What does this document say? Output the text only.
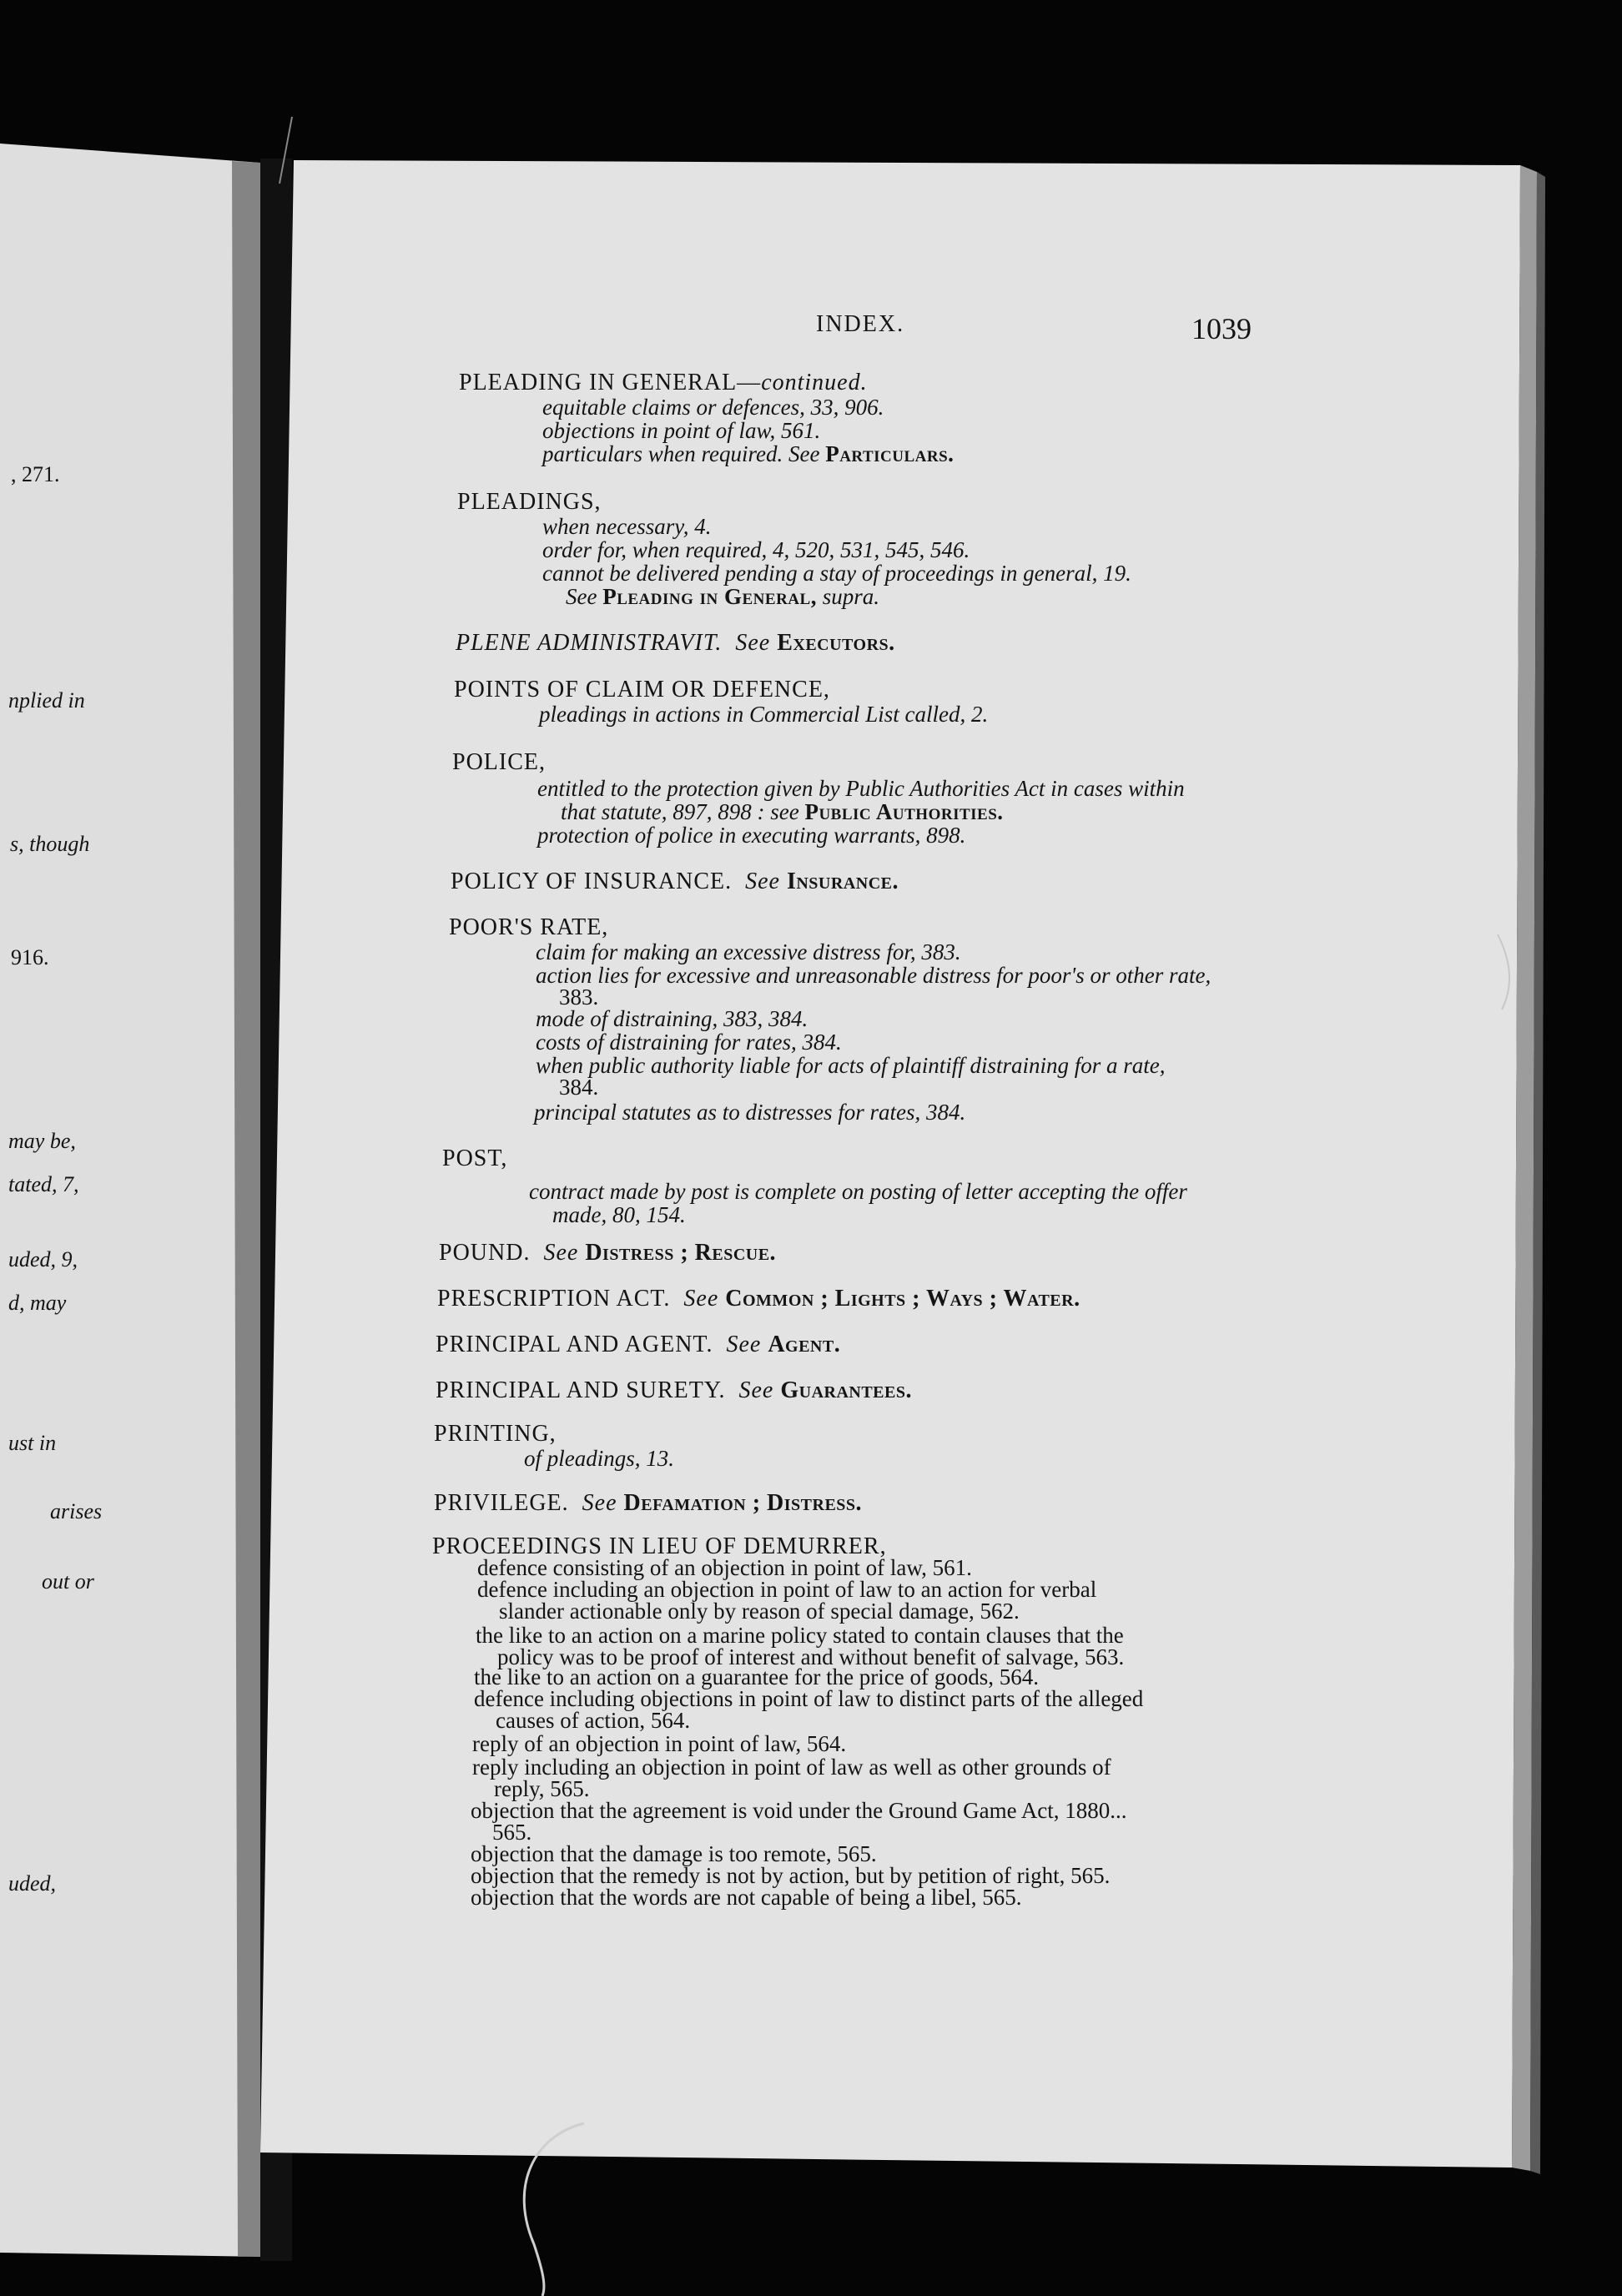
, 271.
nplied in
s, though
916.
may be,
tated, 7,
uded, 9,
d, may
ust in
arises
out or
uded,
INDEX.	1039
PLEADING IN GENERAL—continued.
equitable claims or defences, 33, 906.
objections in point of law, 561.
particulars when required. See Particulars.
PLEADINGS,
when necessary, 4.
order for, when required, 4, 520, 531, 545, 546.
cannot be delivered pending a stay of proceedings in general, 19.
See Pleading in General, supra.
PLENE ADMINISTRAVIT. See Executors.
POINTS OF CLAIM OR DEFENCE,
pleadings in actions in Commercial List called, 2.
POLICE,
entitled to the protection given by Public Authorities Act in cases within
that statute, 897, 898 : see Public Authorities.
protection of police in executing warrants, 898.
POLICY OF INSURANCE. See Insurance.
POOR'S RATE,
claim for making an excessive distress for, 383.
action lies for excessive and unreasonable distress for poor's or other rate,
383.
mode of distraining, 383, 384.
costs of distraining for rates, 384.
when public authority liable for acts of plaintiff distraining for a rate,
384.
principal statutes as to distresses for rates, 384.
POST,
contract made by post is complete on posting of letter accepting the offer
made, 80, 154.
POUND. See Distress ; Rescue.
PRESCRIPTION ACT. See Common ; Lights ; Ways ; Water.
PRINCIPAL AND AGENT. See Agent.
PRINCIPAL AND SURETY. See Guarantees.
PRINTING,
of pleadings, 13.
PRIVILEGE. See Defamation ; Distress.
PROCEEDINGS IN LIEU OF DEMURRER,
defence consisting of an objection in point of law, 561.
defence including an objection in point of law to an action for verbal
slander actionable only by reason of special damage, 562.
the like to an action on a marine policy stated to contain clauses that the
policy was to be proof of interest and without benefit of salvage, 563.
the like to an action on a guarantee for the price of goods, 564.
defence including objections in point of law to distinct parts of the alleged
causes of action, 564.
reply of an objection in point of law, 564.
reply including an objection in point of law as well as other grounds of
reply, 565.
objection that the agreement is void under the Ground Game Act, 1880...
565.
objection that the damage is too remote, 565.
objection that the remedy is not by action, but by petition of right, 565.
objection that the words are not capable of being a libel, 565.
